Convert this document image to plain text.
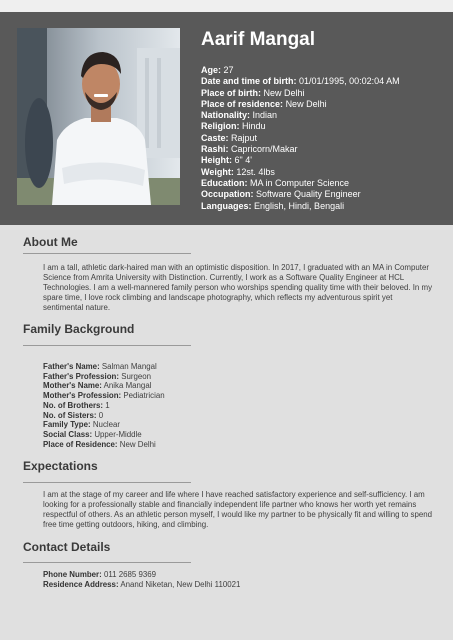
Aarif Mangal
Age: 27
Date and time of birth: 01/01/1995, 00:02:04 AM
Place of birth: New Delhi
Place of residence: New Delhi
Nationality: Indian
Religion: Hindu
Caste: Rajput
Rashi: Capricorn/Makar
Height: 6" 4'
Weight: 12st. 4lbs
Education: MA in Computer Science
Occupation: Software Quality Engineer
Languages: English, Hindi, Bengali
About Me

I am a tall, athletic dark-haired man with an optimistic disposition. In 2017, I graduated with an MA in Computer Science from Amrita University with Distinction. Currently, I work as a Software Quality Engineer at HCL Technologies. I am a well-mannered family person who worships spending quality time with their beloved. In my spare time, I love rock climbing and landscape photography, which reflects my adventurous spirit yet sentimental nature.

Family Background
Father's Name: Salman Mangal
Father's Profession: Surgeon
Mother's Name: Anika Mangal
Mother's Profession: Pediatrician
No. of Brothers: 1
No. of Sisters: 0
Family Type: Nuclear
Social Class: Upper-Middle
Place of Residence: New Delhi
Expectations

I am at the stage of my career and life where I have reached satisfactory experience and self-sufficiency. I am looking for a professionally stable and financially independent life partner who knows her worth yet remains respectful of others. As an athletic person myself, I would like my partner to be physically fit and willing to spend free time getting outdoors, hiking, and climbing.

Contact Details
Phone Number: 011 2685 9369
Residence Address: Anand Niketan, New Delhi 110021
